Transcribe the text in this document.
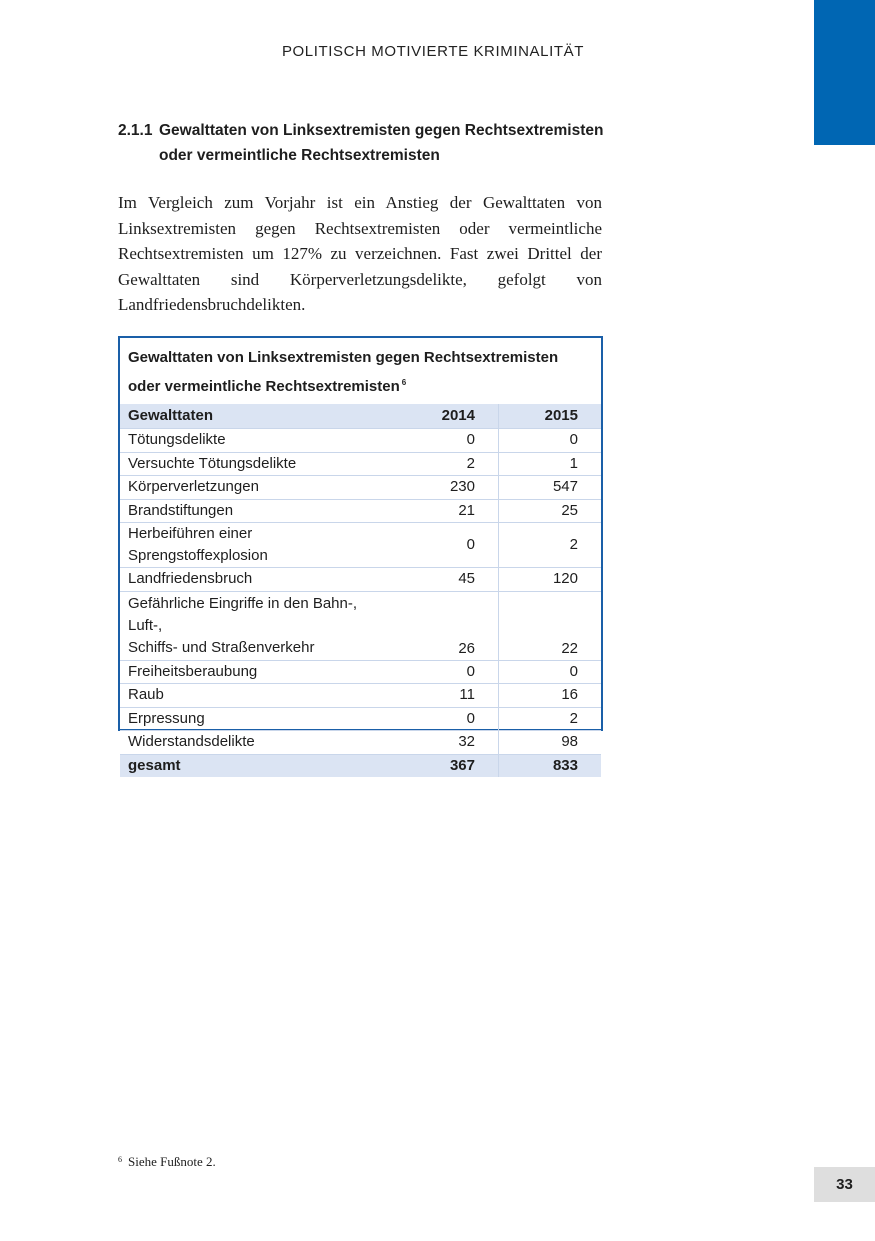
POLITISCH MOTIVIERTE KRIMINALITÄT
2.1.1 Gewalttaten von Linksextremisten gegen Rechtsextremisten
oder vermeintliche Rechtsextremisten

Im Vergleich zum Vorjahr ist ein Anstieg der Gewalttaten von Linksextremisten gegen Rechtsextremisten oder vermeintliche Rechtsextremisten um 127% zu verzeichnen. Fast zwei Drittel der Gewalttaten sind Körperverletzungsdelikte, gefolgt von Landfriedensbruchdelikten.

Gewalttaten von Linksextremisten gegen Rechtsextremisten
oder vermeintliche Rechtsextremisten $^6$
Gewalttaten	2014	2015
Tötungsdelikte	0	0
Versuchte Tötungsdelikte	2	1
Körperverletzungen	230	547
Brandstiftungen	21	25
Herbeiführen einer Sprengstoffexplosion	0	2
Landfriedensbruch	45	120

Gefährliche Eingriffe in den Bahn-, Luft-,
Schiffs- und Straßenverkehr	26	22
Freiheitsberaubung	0	0
Raub	11	16
Erpressung	0	2
Widerstandsdelikte	32	98
gesamt	367	833
$^6$ Siehe Fußnote 2.
33
